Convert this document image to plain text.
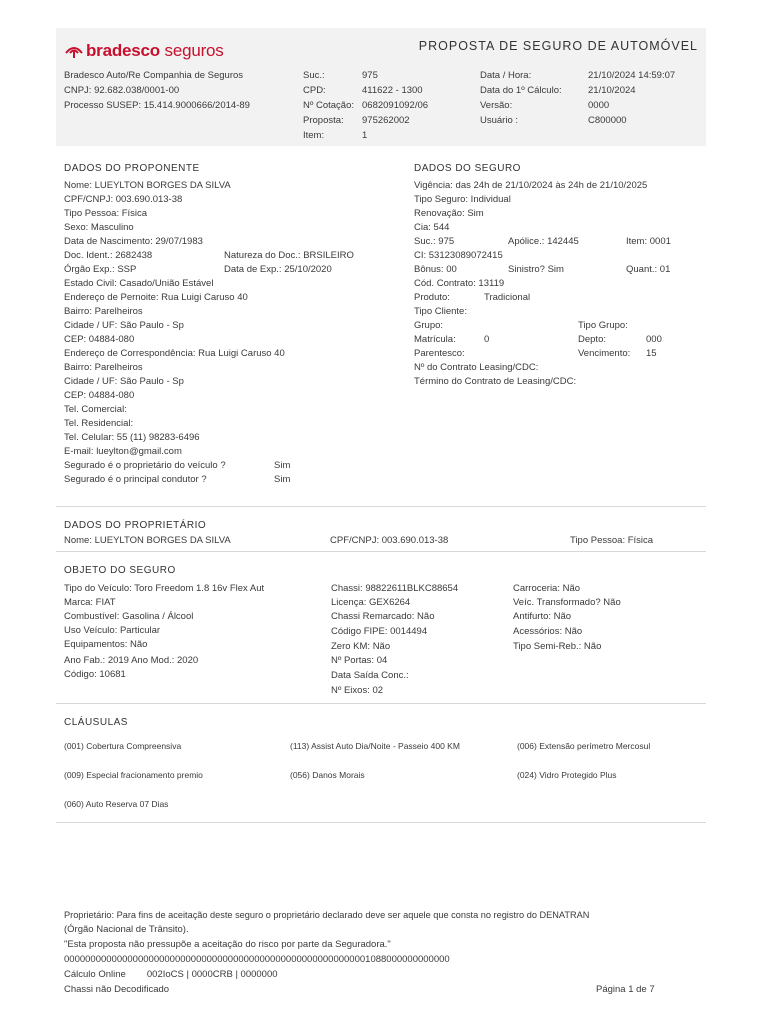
bradesco seguros	PROPOSTA DE SEGURO DE AUTOMÓVEL
Bradesco Auto/Re Companhia de Seguros
CNPJ: 92.682.038/0001-00
Processo SUSEP: 15.414.9000666/2014-89
Suc.:	975
CPD:	411622 - 1300
Nº Cotação: 0682091092/06
Proposta: 975262002
Item:	1
Data / Hora:	21/10/2024 14:59:07
Data do 1º Cálculo:	21/10/2024
Versão:	0000
Usuário :	C800000
DADOS DO PROPONENTE
Nome: LUEYLTON BORGES DA SILVA
CPF/CNPJ: 003.690.013-38
Tipo Pessoa: Física
Sexo: Masculino
Data de Nascimento: 29/07/1983
Doc. Ident.: 2682438	Natureza do Doc.: BRSILEIRO
Órgão Exp.: SSP	Data de Exp.: 25/10/2020
Estado Civil: Casado/União Estável
Endereço de Pernoite: Rua Luigi Caruso 40
Bairro: Parelheiros
Cidade / UF: São Paulo - Sp
CEP: 04884-080
Endereço de Correspondência: Rua Luigi Caruso 40
Bairro: Parelheiros
Cidade / UF: São Paulo - Sp
CEP: 04884-080
Tel. Comercial:
Tel. Residencial:
Tel. Celular: 55 (11) 98283-6496
E-mail: lueylton@gmail.com
Segurado é o proprietário do veículo ?	Sim
Segurado é o principal condutor ?	Sim
DADOS DO SEGURO
Vigência: das 24h de 21/10/2024 às 24h de 21/10/2025
Tipo Seguro: Individual
Renovação: Sim
Cia: 544
Suc.: 975	Apólice.: 142445	Item: 0001
CI: 53123089072415
Bônus: 00	Sinistro? Sim	Quant.: 01
Cód. Contrato: 13119
Produto:	Tradicional
Tipo Cliente:
Grupo:	Tipo Grupo:
Matrícula:	0	Depto:	000
Parentesco:	Vencimento: 15
Nº do Contrato Leasing/CDC:
Término do Contrato de Leasing/CDC:
DADOS DO PROPRIETÁRIO
Nome: LUEYLTON BORGES DA SILVA	CPF/CNPJ: 003.690.013-38	Tipo Pessoa: Física
OBJETO DO SEGURO
Tipo do Veículo: Toro Freedom 1.8 16v Flex Aut
Marca: FIAT
Combustível: Gasolina / Álcool
Uso Veículo: Particular
Equipamentos: Não
Ano Fab.: 2019 Ano Mod.: 2020
Código: 10681
Chassi: 98822611BLKC88654
Licença: GEX6264
Chassi Remarcado: Não
Código FIPE: 0014494
Zero KM: Não
Nº Portas: 04
Data Saída Conc.:
Nº Eixos: 02
Carroceria: Não
Veíc. Transformado? Não
Antifurto: Não
Acessórios: Não
Tipo Semi-Reb.: Não
CLÁUSULAS
(001) Cobertura Compreensiva	(113) Assist Auto Dia/Noite - Passeio 400 KM	(006) Extensão perímetro Mercosul
(009) Especial fracionamento premio	(056) Danos Morais	(024) Vidro Protegido Plus
(060) Auto Reserva 07 Dias
Proprietário: Para fins de aceitação deste seguro o proprietário declarado deve ser aquele que consta no registro do DENATRAN
(Órgão Nacional de Trânsito).
"Esta proposta não pressupõe a aceitação do risco por parte da Seguradora."
0000000000000000000000000000000000000000000000000000000001088000000000000
Cálculo Online        002IoCS | 0000CRB | 0000000
Chassi não Decodificado	Página 1 de 7
